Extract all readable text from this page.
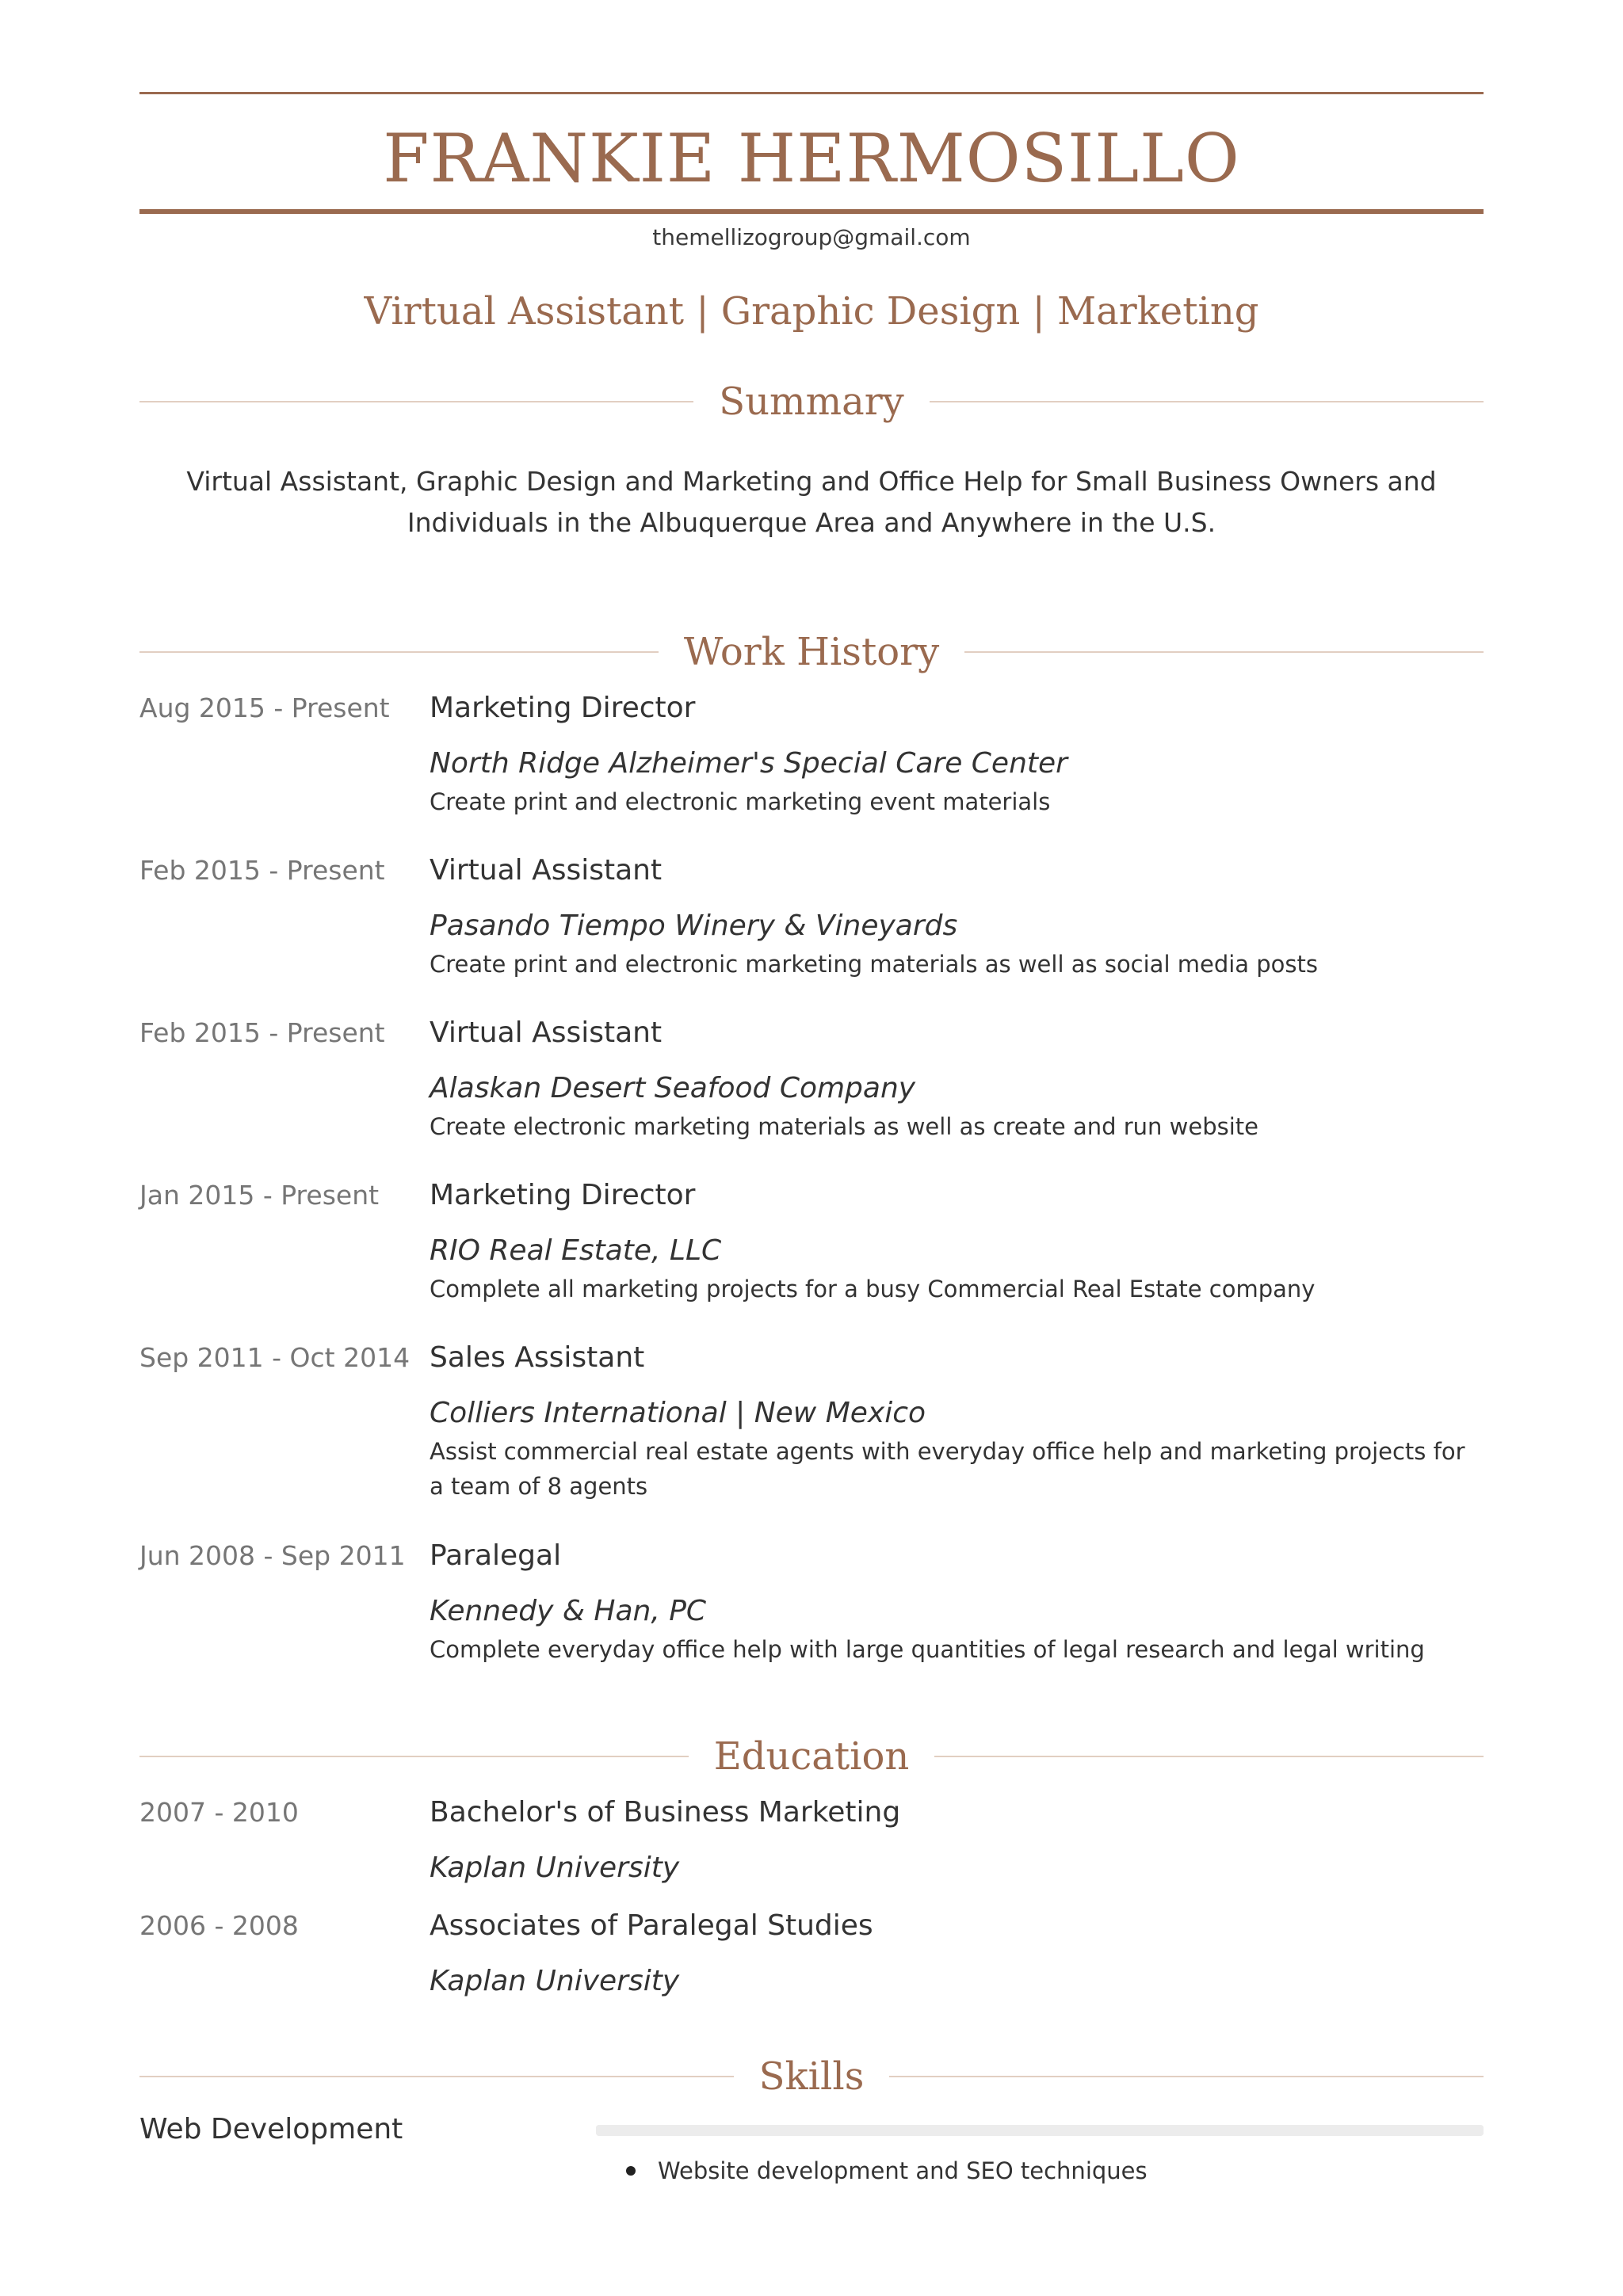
FRANKIE HERMOSILLO
themellizogroup@gmail.com
Virtual Assistant | Graphic Design | Marketing
Summary
Virtual Assistant, Graphic Design and Marketing and Office Help for Small Business Owners and Individuals in the Albuquerque Area and Anywhere in the U.S.
Work History
Aug 2015 - Present Marketing Director
North Ridge Alzheimer's Special Care Center
Create print and electronic marketing event materials
Feb 2015 - Present Virtual Assistant
Pasando Tiempo Winery & Vineyards
Create print and electronic marketing materials as well as social media posts
Feb 2015 - Present Virtual Assistant
Alaskan Desert Seafood Company
Create electronic marketing materials as well as create and run website
Jan 2015 - Present Marketing Director
RIO Real Estate, LLC
Complete all marketing projects for a busy Commercial Real Estate company
Sep 2011 - Oct 2014 Sales Assistant
Colliers International | New Mexico
Assist commercial real estate agents with everyday office help and marketing projects for a team of 8 agents
Jun 2008 - Sep 2011 Paralegal
Kennedy & Han, PC
Complete everyday office help with large quantities of legal research and legal writing
Education
2007 - 2010	Bachelor's of Business Marketing
Kaplan University
2006 - 2008	Associates of Paralegal Studies
Kaplan University
Skills
Web Development
Website development and SEO techniques
